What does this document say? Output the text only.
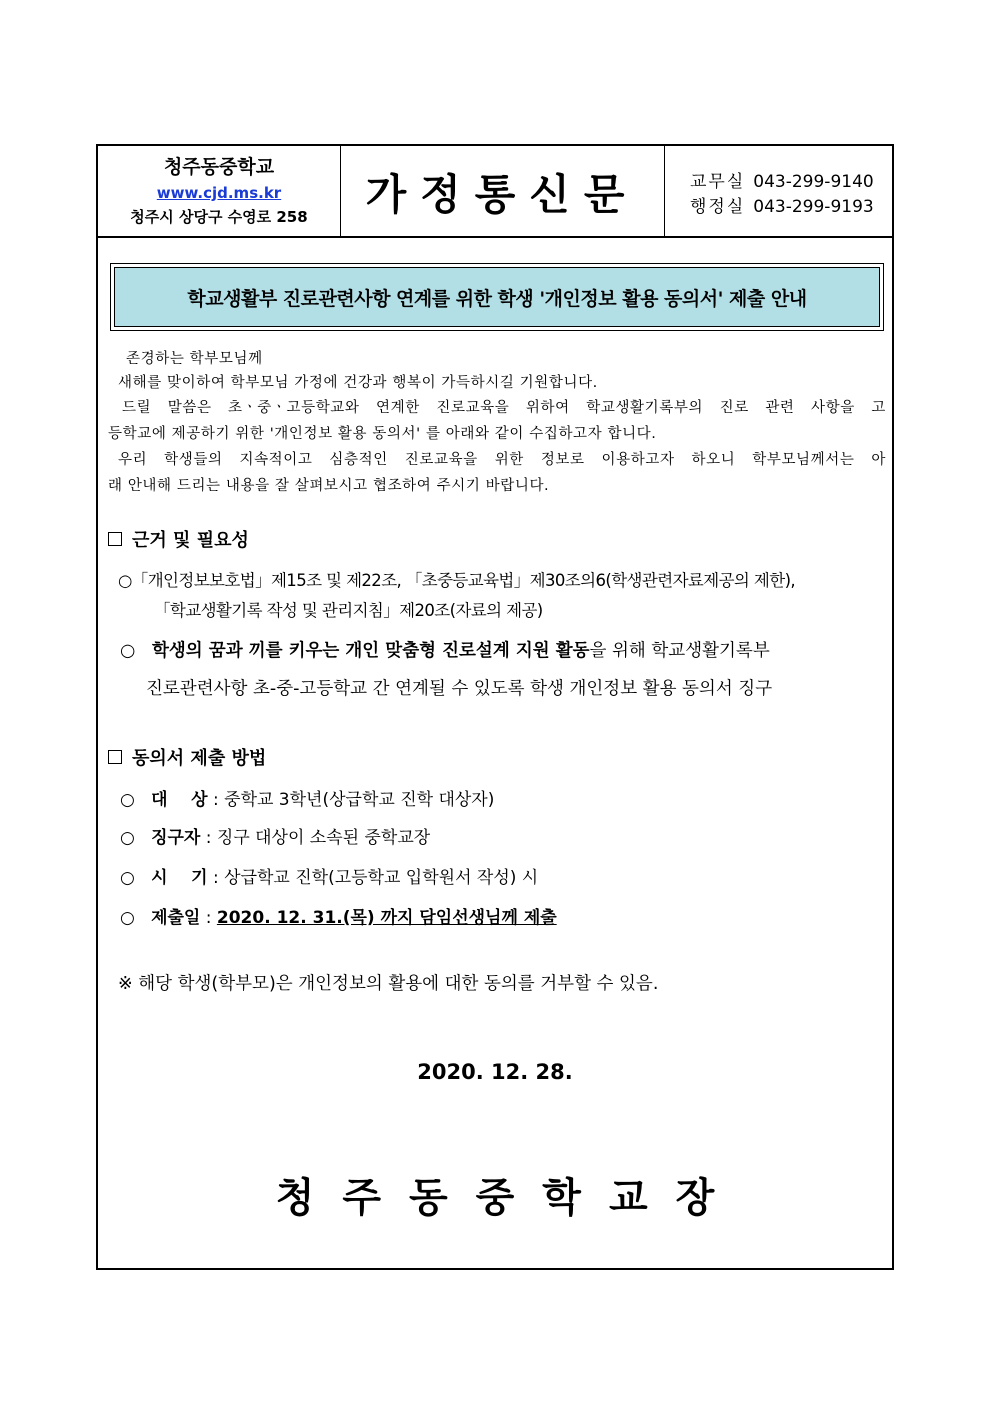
청주동중학교
www.cjd.ms.kr
청주시 상당구 수영로 258	가정통신문	교무실 043-299-9140
행정실 043-299-9193
학교생활부 진로관련사항 연계를 위한 학생 '개인정보 활용 동의서' 제출 안내
존경하는 학부모님께
새해를 맞이하여 학부모님 가정에 건강과 행복이 가득하시길 기원합니다.
드릴 말씀은 초ㆍ중ㆍ고등학교와 연계한 진로교육을 위하여 학교생활기록부의 진로 관련 사항을 고
등학교에 제공하기 위한 '개인정보 활용 동의서' 를 아래와 같이 수집하고자 합니다.
우리 학생들의 지속적이고 심층적인 진로교육을 위한 정보로 이용하고자 하오니 학부모님께서는 아
래 안내해 드리는 내용을 잘 살펴보시고 협조하여 주시기 바랍니다.
근거 및 필요성
○「개인정보보호법」제15조 및 제22조, 「초중등교육법」제30조의6(학생관련자료제공의 제한),
「학교생활기록 작성 및 관리지침」제20조(자료의 제공)
○ 학생의 꿈과 끼를 키우는 개인 맞춤형 진로설계 지원 활동을 위해 학교생활기록부
진로관련사항 초-중-고등학교 간 연계될 수 있도록 학생 개인정보 활용 동의서 징구
동의서 제출 방법
○ 대    상 : 중학교 3학년(상급학교 진학 대상자)
○ 징구자 : 징구 대상이 소속된 중학교장
○ 시    기 : 상급학교 진학(고등학교 입학원서 작성) 시
○ 제출일 : 2020. 12. 31.(목) 까지 담임선생님께 제출
※ 해당 학생(학부모)은 개인정보의 활용에 대한 동의를 거부할 수 있음.
2020. 12. 28.
청주동중학교장
